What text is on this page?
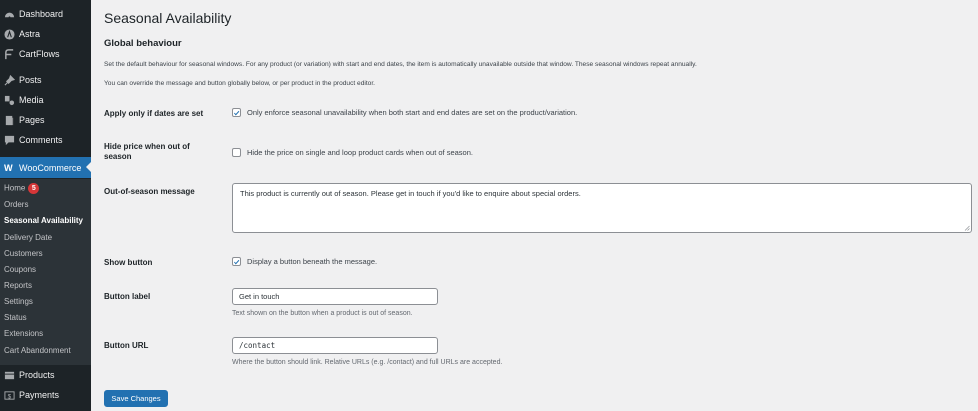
Dashboard
Astra
CartFlows
Posts
Media
Pages
Comments
W WooCommerce
Home 5
Orders
Seasonal Availability
Delivery Date
Customers
Coupons
Reports
Settings
Status
Extensions
Cart Abandonment
Products
$ Payments
Seasonal Availability
Global behaviour

Set the default behaviour for seasonal windows. For any product (or variation) with start and end dates, the item is automatically unavailable outside that window. These seasonal windows repeat annually.

You can override the message and button globally below, or per product in the product editor.

Apply only if dates are set	Only enforce seasonal unavailability when both start and end dates are set on the product/variation.
Hide price when out of season	Hide the price on single and loop product cards when out of season.
Out-of-season message	This product is currently out of season. Please get in touch if you'd like to enquire about special orders.
Show button	Display a button beneath the message.
Button label	Get in touch
Text shown on the button when a product is out of season.
Button URL	/contact
Where the button should link. Relative URLs (e.g. /contact) and full URLs are accepted.
Save Changes
